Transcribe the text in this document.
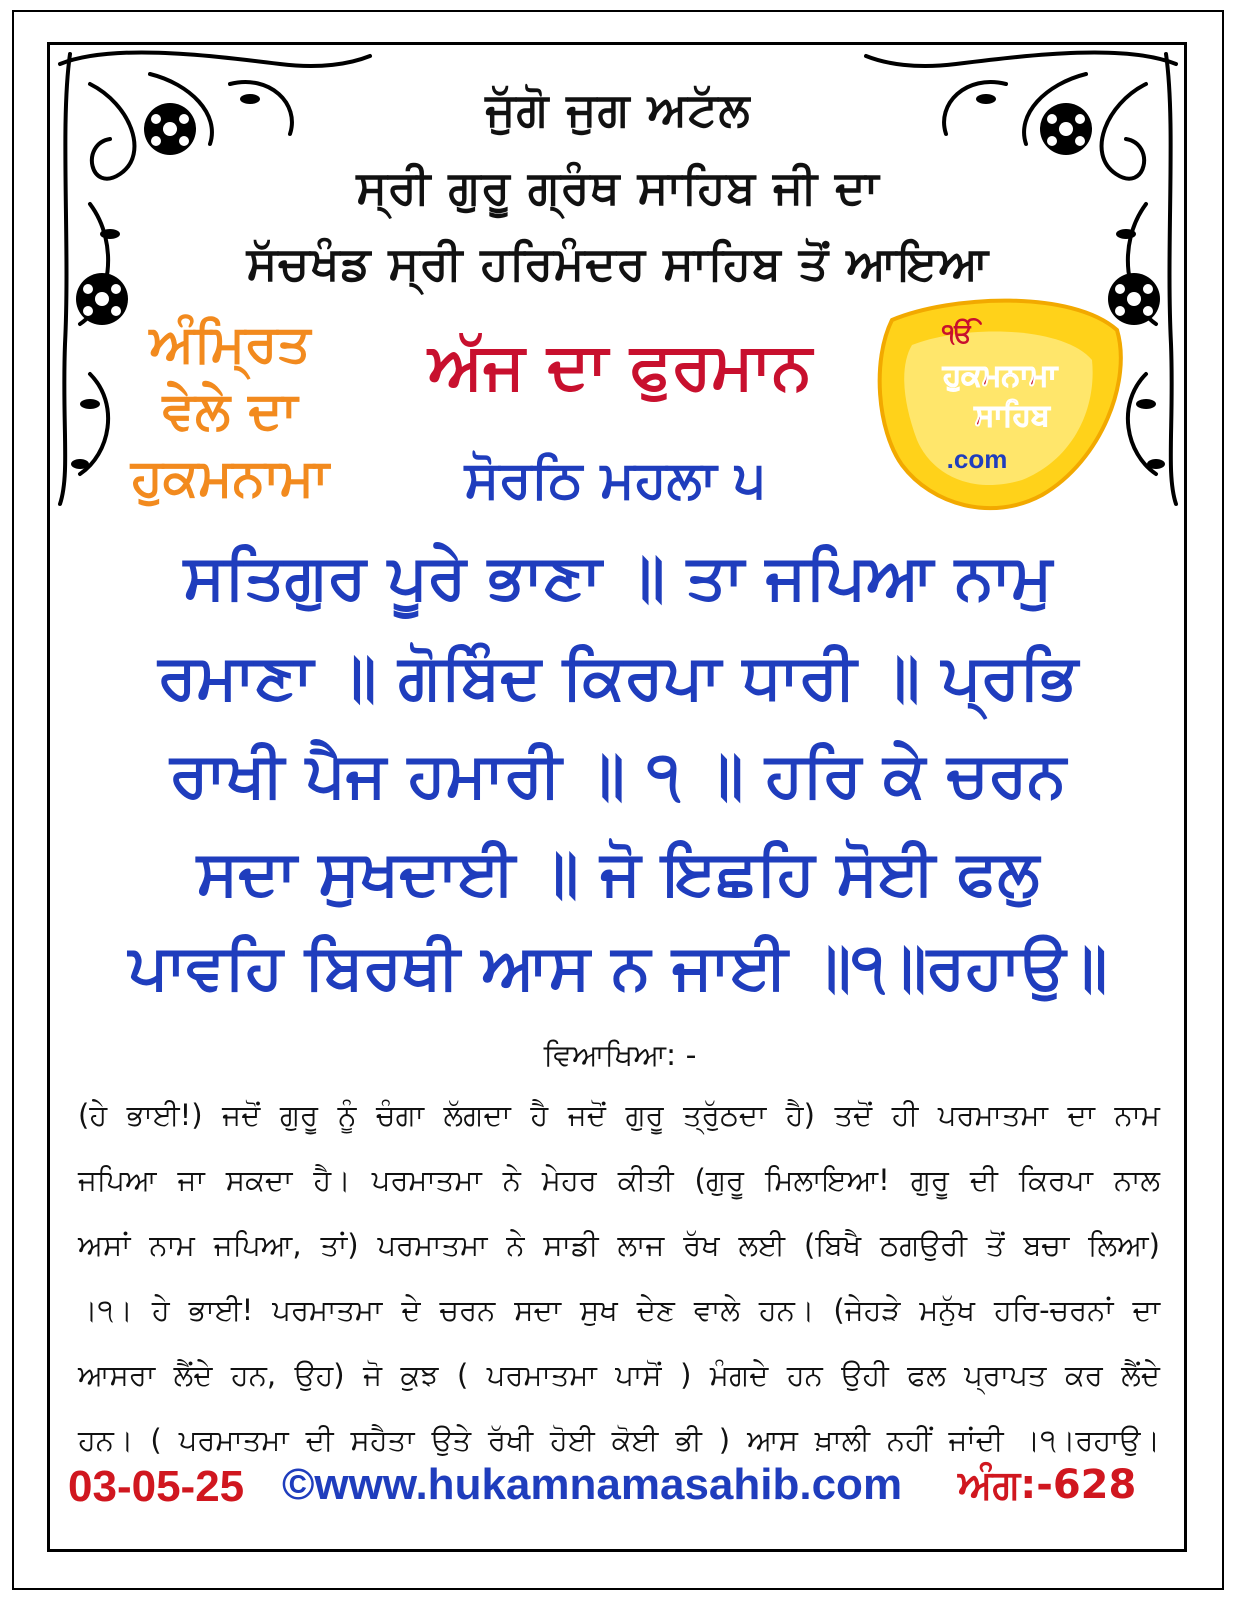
ਜੁੱਗੋ ਜੁਗ ਅਟੱਲ
ਸ੍ਰੀ ਗੁਰੂ ਗ੍ਰੰਥ ਸਾਹਿਬ ਜੀ ਦਾ
ਸੱਚਖੰਡ ਸ੍ਰੀ ਹਰਿਮੰਦਰ ਸਾਹਿਬ ਤੋਂ ਆਇਆ
ਅੰਮ੍ਰਿਤ
ਵੇਲੇ ਦਾ
ਹੁਕਮਨਾਮਾ
ਅੱਜ ਦਾ ਫੁਰਮਾਨ
ਸੋਰਠਿ ਮਹਲਾ ੫
ੴ
ਹੁਕਮਨਾਮਾ
ਸਾਹਿਬ
.com
ਸਤਿਗੁਰ ਪੂਰੇ ਭਾਣਾ ॥ ਤਾ ਜਪਿਆ ਨਾਮੁ
ਰਮਾਣਾ ॥ ਗੋਬਿੰਦ ਕਿਰਪਾ ਧਾਰੀ ॥ ਪ੍ਰਭਿ
ਰਾਖੀ ਪੈਜ ਹਮਾਰੀ ॥ ੧ ॥ ਹਰਿ ਕੇ ਚਰਨ
ਸਦਾ ਸੁਖਦਾਈ ॥ ਜੋ ਇਛਹਿ ਸੋਈ ਫਲੁ
ਪਾਵਹਿ ਬਿਰਥੀ ਆਸ ਨ ਜਾਈ ॥੧॥ਰਹਾਉ॥
ਵਿਆਖਿਆ: -
(ਹੇ ਭਾਈ!) ਜਦੋਂ ਗੁਰੂ ਨੂੰ ਚੰਗਾ ਲੱਗਦਾ ਹੈ ਜਦੋਂ ਗੁਰੂ ਤ੍ਰੁੱਠਦਾ ਹੈ) ਤਦੋਂ ਹੀ ਪਰਮਾਤਮਾ ਦਾ ਨਾਮ
ਜਪਿਆ ਜਾ ਸਕਦਾ ਹੈ। ਪਰਮਾਤਮਾ ਨੇ ਮੇਹਰ ਕੀਤੀ (ਗੁਰੂ ਮਿਲਾਇਆ! ਗੁਰੂ ਦੀ ਕਿਰਪਾ ਨਾਲ
ਅਸਾਂ ਨਾਮ ਜਪਿਆ, ਤਾਂ) ਪਰਮਾਤਮਾ ਨੇ ਸਾਡੀ ਲਾਜ ਰੱਖ ਲਈ (ਬਿਖੈ ਠਗਉਰੀ ਤੋਂ ਬਚਾ ਲਿਆ)
।੧। ਹੇ ਭਾਈ! ਪਰਮਾਤਮਾ ਦੇ ਚਰਨ ਸਦਾ ਸੁਖ ਦੇਣ ਵਾਲੇ ਹਨ। (ਜੇਹੜੇ ਮਨੁੱਖ ਹਰਿ-ਚਰਨਾਂ ਦਾ
ਆਸਰਾ ਲੈਂਦੇ ਹਨ, ਉਹ) ਜੋ ਕੁਝ ( ਪਰਮਾਤਮਾ ਪਾਸੋਂ ) ਮੰਗਦੇ ਹਨ ਉਹੀ ਫਲ ਪ੍ਰਾਪਤ ਕਰ ਲੈਂਦੇ
ਹਨ। ( ਪਰਮਾਤਮਾ ਦੀ ਸਹੈਤਾ ਉਤੇ ਰੱਖੀ ਹੋਈ ਕੋਈ ਭੀ ) ਆਸ ਖ਼ਾਲੀ ਨਹੀਂ ਜਾਂਦੀ ।੧।ਰਹਾਉ।
03-05-25 ©www.hukamnamasahib.com ਅੰਗ:-628
